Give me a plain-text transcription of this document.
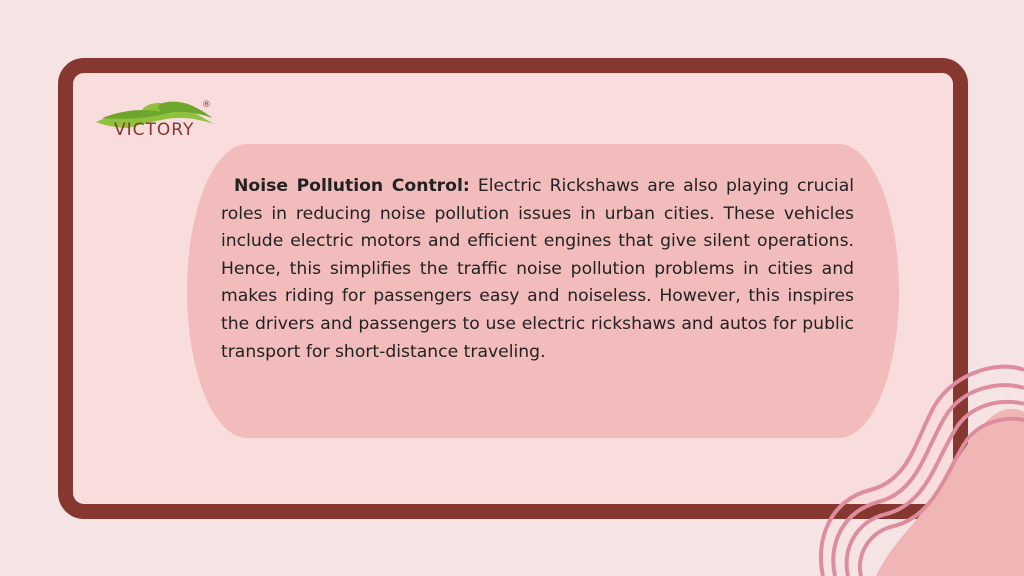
VICTORY
®
Noise Pollution Control: Electric Rickshaws are also playing crucial roles in reducing noise pollution issues in urban cities. These vehicles include electric motors and efficient engines that give silent operations. Hence, this simplifies the traffic noise pollution problems in cities and makes riding for passengers easy and noiseless. However, this inspires the drivers and passengers to use electric rickshaws and autos for public transport for short-distance traveling.
